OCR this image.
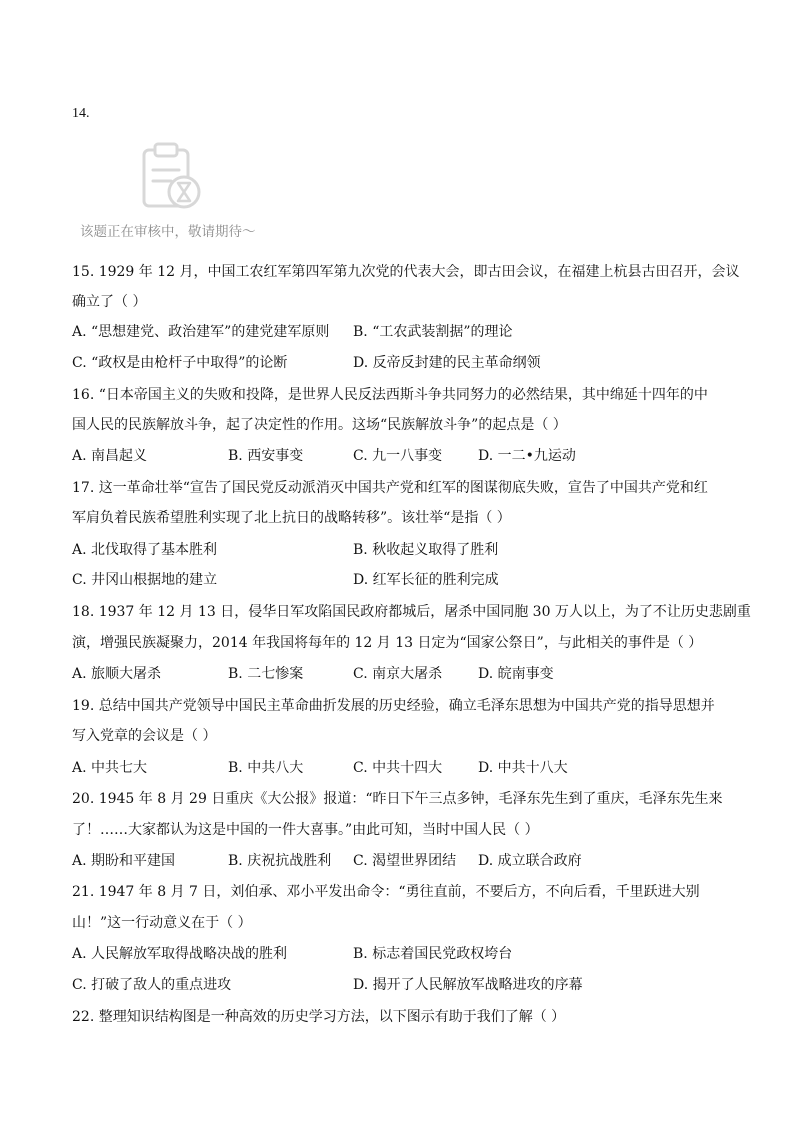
14.
该题正在审核中，敬请期待～
15. 1929 年 12 月，中国工农红军第四军第九次党的代表大会，即古田会议，在福建上杭县古田召开，会议
确立了（ ）
A. “思想建党、政治建军”的建党建军原则 B. “工农武装割据”的理论
C. “政权是由枪杆子中取得”的论断	D. 反帝反封建的民主革命纲领
16. “日本帝国主义的失败和投降，是世界人民反法西斯斗争共同努力的必然结果，其中绵延十四年的中
国人民的民族解放斗争，起了决定性的作用。这场“民族解放斗争”的起点是（ ）
A. 南昌起义	B. 西安事变	C. 九一八事变	D. 一二•九运动
17. 这一革命壮举“宣告了国民党反动派消灭中国共产党和红军的图谋彻底失败，宣告了中国共产党和红
军肩负着民族希望胜利实现了北上抗日的战略转移”。该壮举“是指（ ）
A. 北伐取得了基本胜利	B. 秋收起义取得了胜利
C. 井冈山根据地的建立	D. 红军长征的胜利完成
18. 1937 年 12 月 13 日，侵华日军攻陷国民政府都城后，屠杀中国同胞 30 万人以上，为了不让历史悲剧重
演，增强民族凝聚力，2014 年我国将每年的 12 月 13 日定为“国家公祭日”，与此相关的事件是（ ）
A. 旅顺大屠杀	B. 二七惨案	C. 南京大屠杀	D. 皖南事变
19. 总结中国共产党领导中国民主革命曲折发展的历史经验，确立毛泽东思想为中国共产党的指导思想并
写入党章的会议是（ ）
A. 中共七大	B. 中共八大	C. 中共十四大	D. 中共十八大
20. 1945 年 8 月 29 日重庆《大公报》报道：“昨日下午三点多钟，毛泽东先生到了重庆，毛泽东先生来
了！……大家都认为这是中国的一件大喜事。”由此可知，当时中国人民（ ）
A. 期盼和平建国	B. 庆祝抗战胜利 C. 渴望世界团结 D. 成立联合政府
21. 1947 年 8 月 7 日，刘伯承、邓小平发出命令：“勇往直前，不要后方，不向后看，千里跃进大别
山！”这一行动意义在于（ ）
A. 人民解放军取得战略决战的胜利	B. 标志着国民党政权垮台
C. 打破了敌人的重点进攻	D. 揭开了人民解放军战略进攻的序幕
22. 整理知识结构图是一种高效的历史学习方法，以下图示有助于我们了解（ ）
